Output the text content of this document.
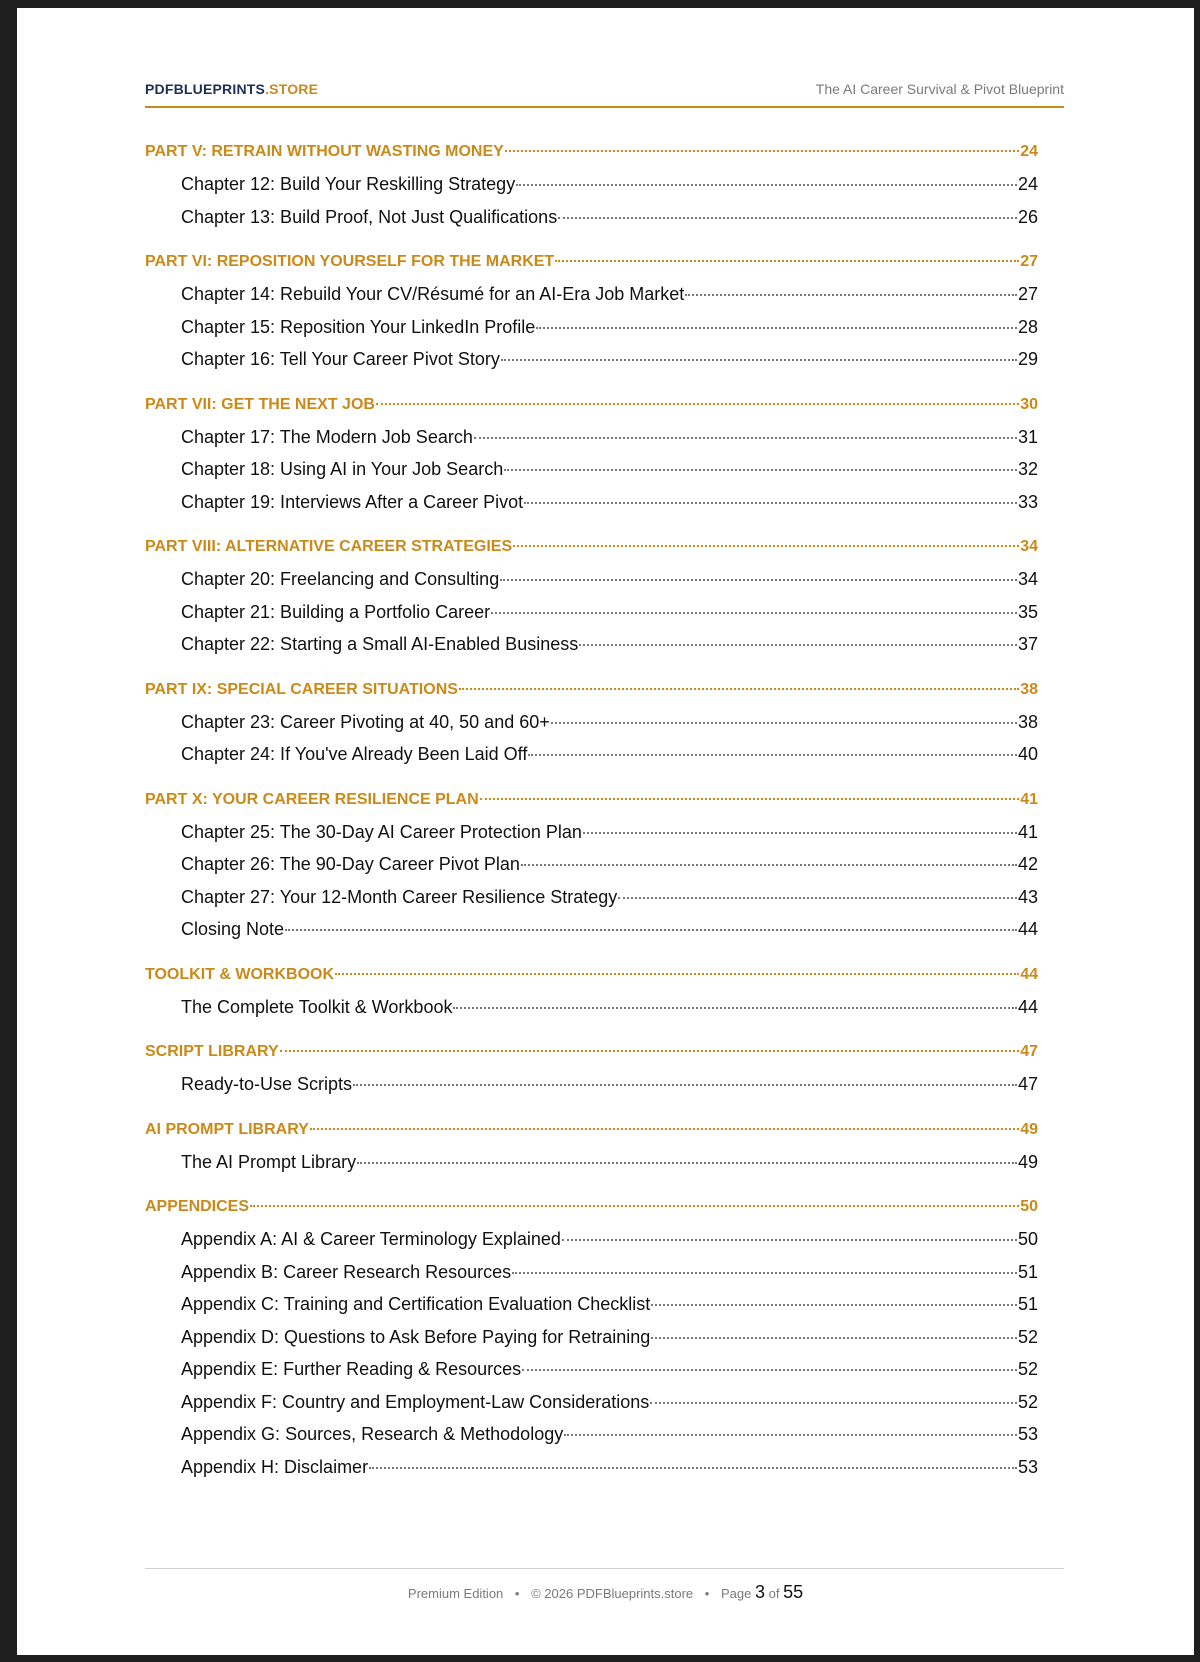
PDFBLUEPRINTS.STORE	The AI Career Survival & Pivot Blueprint
PART V: RETRAIN WITHOUT WASTING MONEY	24
Chapter 12: Build Your Reskilling Strategy	24
Chapter 13: Build Proof, Not Just Qualifications	26
PART VI: REPOSITION YOURSELF FOR THE MARKET	27
Chapter 14: Rebuild Your CV/Résumé for an AI-Era Job Market	27
Chapter 15: Reposition Your LinkedIn Profile	28
Chapter 16: Tell Your Career Pivot Story	29
PART VII: GET THE NEXT JOB	30
Chapter 17: The Modern Job Search	31
Chapter 18: Using AI in Your Job Search	32
Chapter 19: Interviews After a Career Pivot	33
PART VIII: ALTERNATIVE CAREER STRATEGIES	34
Chapter 20: Freelancing and Consulting	34
Chapter 21: Building a Portfolio Career	35
Chapter 22: Starting a Small AI-Enabled Business	37
PART IX: SPECIAL CAREER SITUATIONS	38
Chapter 23: Career Pivoting at 40, 50 and 60+	38
Chapter 24: If You've Already Been Laid Off	40
PART X: YOUR CAREER RESILIENCE PLAN	41
Chapter 25: The 30-Day AI Career Protection Plan	41
Chapter 26: The 90-Day Career Pivot Plan	42
Chapter 27: Your 12-Month Career Resilience Strategy	43
Closing Note	44
TOOLKIT & WORKBOOK	44
The Complete Toolkit & Workbook	44
SCRIPT LIBRARY	47
Ready-to-Use Scripts	47
AI PROMPT LIBRARY	49
The AI Prompt Library	49
APPENDICES	50
Appendix A: AI & Career Terminology Explained	50
Appendix B: Career Research Resources	51
Appendix C: Training and Certification Evaluation Checklist	51
Appendix D: Questions to Ask Before Paying for Retraining	52
Appendix E: Further Reading & Resources	52
Appendix F: Country and Employment-Law Considerations	52
Appendix G: Sources, Research & Methodology	53
Appendix H: Disclaimer	53
Premium Edition • © 2026 PDFBlueprints.store • Page 3 of 55
